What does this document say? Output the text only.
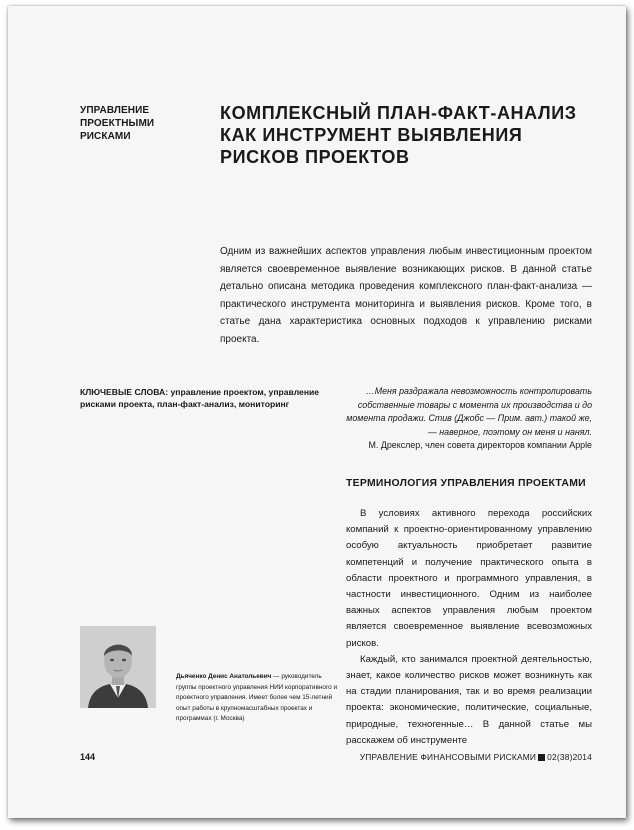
УПРАВЛЕНИЕ ПРОЕКТНЫМИ РИСКАМИ
КОМПЛЕКСНЫЙ ПЛАН-ФАКТ-АНАЛИЗ КАК ИНСТРУМЕНТ ВЫЯВЛЕНИЯ РИСКОВ ПРОЕКТОВ

Одним из важнейших аспектов управления любым инвестиционным проектом является своевременное выявление возникающих рисков. В данной статье детально описана методика проведения комплексного план-факт-анализа — практического инструмента мониторинга и выявления рисков. Кроме того, в статье дана характеристика основных подходов к управлению рисками проекта.

КЛЮЧЕВЫЕ СЛОВА: управление проектом, управление рисками проекта, план-факт-анализ, мониторинг

…Меня раздражала невозможность контролировать собственные товары с момента их производства и до момента продажи. Стив (Джобс — Прим. авт.) такой же, — наверное, поэтому он меня и нанял.

М. Дрекслер, член совета директоров компании Apple

ТЕРМИНОЛОГИЯ УПРАВЛЕНИЯ ПРОЕКТАМИ

В условиях активного перехода российских компаний к проектно-ориентированному управлению особую актуальность приобретает развитие компетенций и получение практического опыта в области проектного и программного управления, в частности инвестиционного. Одним из наиболее важных аспектов управления любым проектом является своевременное выявление всевозможных рисков.

Каждый, кто занимался проектной деятельностью, знает, какое количество рисков может возникнуть как на стадии планирования, так и во время реализации проекта: экономические, политические, социальные, природные, техногенные… В данной статье мы расскажем об инструменте

Дьяченко Денис Анатольевич — руководитель группы проектного управления НИИ корпоративного и проектного управления. Имеет более чем 15-летний опыт работы в крупномасштабных проектах и программах (г. Москва)

144	УПРАВЛЕНИЕ ФИНАНСОВЫМИ РИСКАМИ 02(38)2014
